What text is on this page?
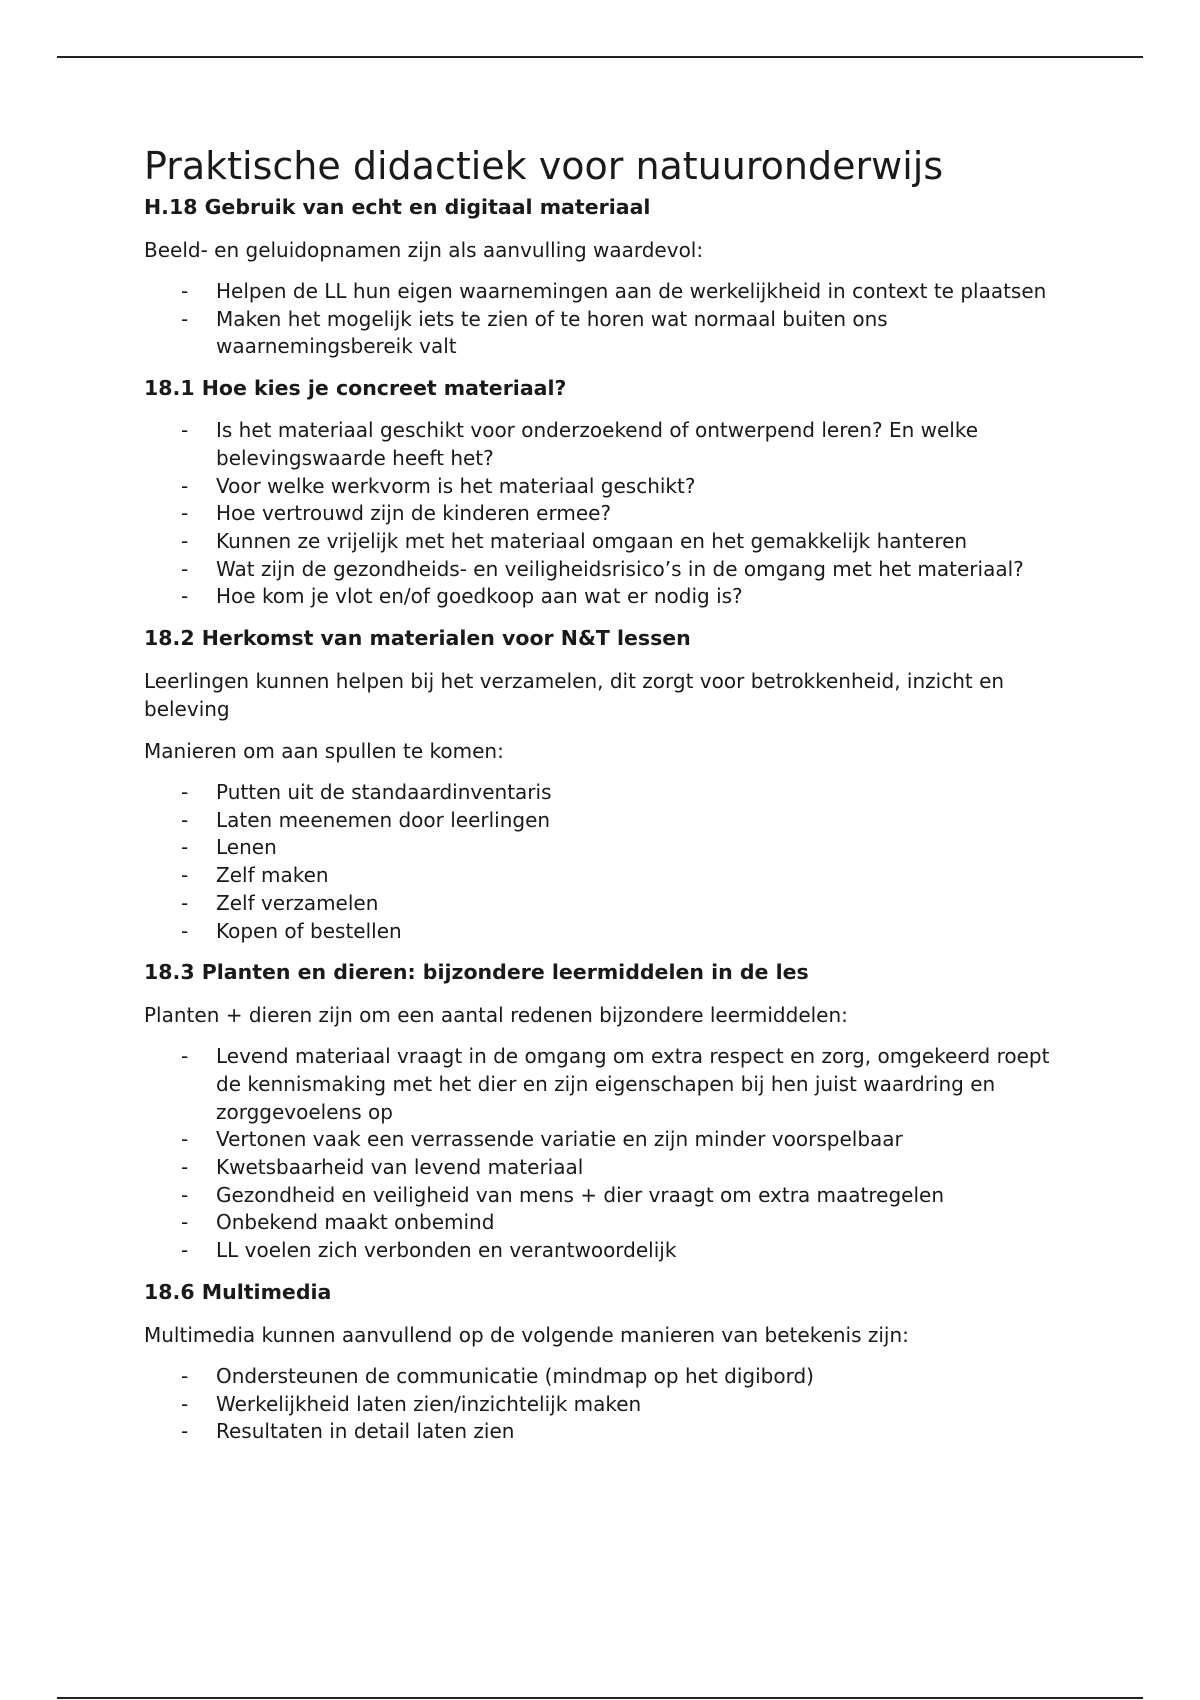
Praktische didactiek voor natuuronderwijs
H.18 Gebruik van echt en digitaal materiaal
Beeld- en geluidopnamen zijn als aanvulling waardevol:
- Helpen de LL hun eigen waarnemingen aan de werkelijkheid in context te plaatsen
- Maken het mogelijk iets te zien of te horen wat normaal buiten ons waarnemingsbereik valt
18.1 Hoe kies je concreet materiaal?
- Is het materiaal geschikt voor onderzoekend of ontwerpend leren? En welke belevingswaarde heeft het?
- Voor welke werkvorm is het materiaal geschikt?
- Hoe vertrouwd zijn de kinderen ermee?
- Kunnen ze vrijelijk met het materiaal omgaan en het gemakkelijk hanteren
- Wat zijn de gezondheids- en veiligheidsrisico’s in de omgang met het materiaal?
- Hoe kom je vlot en/of goedkoop aan wat er nodig is?
18.2 Herkomst van materialen voor N&T lessen
Leerlingen kunnen helpen bij het verzamelen, dit zorgt voor betrokkenheid, inzicht en beleving
Manieren om aan spullen te komen:
- Putten uit de standaardinventaris
- Laten meenemen door leerlingen
- Lenen
- Zelf maken
- Zelf verzamelen
- Kopen of bestellen
18.3 Planten en dieren: bijzondere leermiddelen in de les
Planten + dieren zijn om een aantal redenen bijzondere leermiddelen:
- Levend materiaal vraagt in de omgang om extra respect en zorg, omgekeerd roept de kennismaking met het dier en zijn eigenschapen bij hen juist waardring en zorggevoelens op
- Vertonen vaak een verrassende variatie en zijn minder voorspelbaar
- Kwetsbaarheid van levend materiaal
- Gezondheid en veiligheid van mens + dier vraagt om extra maatregelen
- Onbekend maakt onbemind
- LL voelen zich verbonden en verantwoordelijk
18.6 Multimedia
Multimedia kunnen aanvullend op de volgende manieren van betekenis zijn:
- Ondersteunen de communicatie (mindmap op het digibord)
- Werkelijkheid laten zien/inzichtelijk maken
- Resultaten in detail laten zien
